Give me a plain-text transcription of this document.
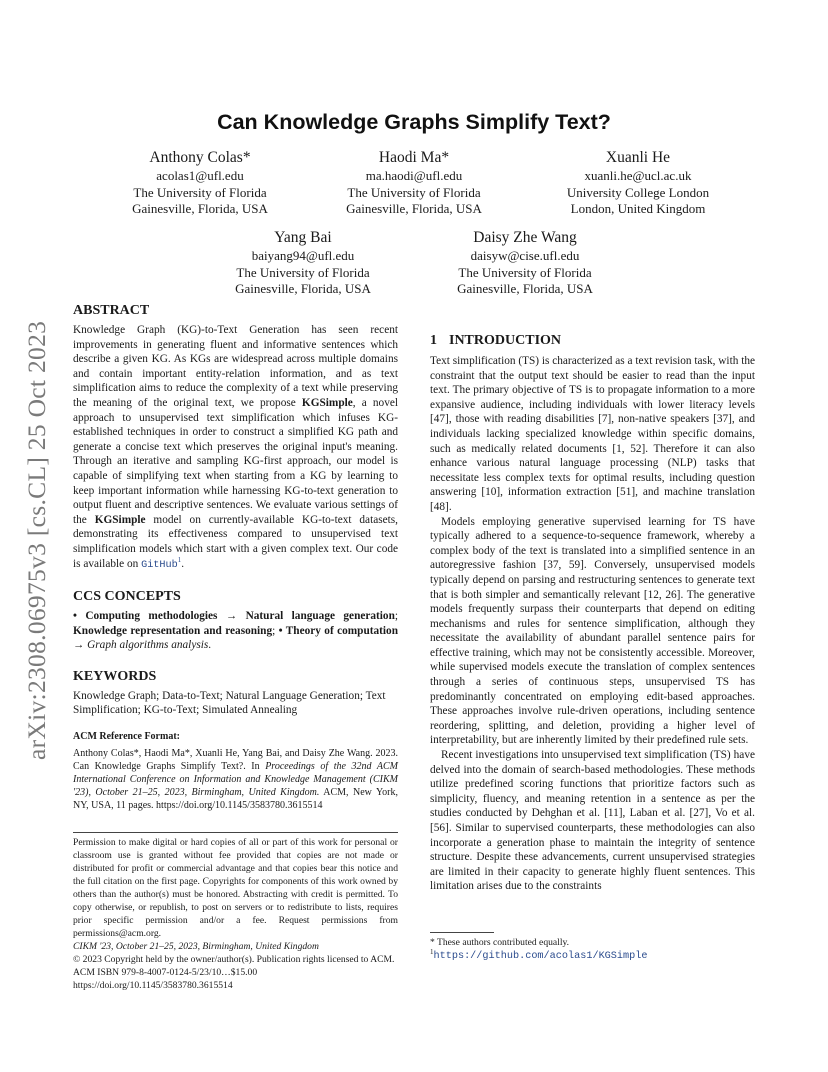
arXiv:2308.06975v3 [cs.CL] 25 Oct 2023
Can Knowledge Graphs Simplify Text?
Anthony Colas*
acolas1@ufl.edu
The University of Florida
Gainesville, Florida, USA
Haodi Ma*
ma.haodi@ufl.edu
The University of Florida
Gainesville, Florida, USA
Xuanli He
xuanli.he@ucl.ac.uk
University College London
London, United Kingdom
Yang Bai
baiyang94@ufl.edu
The University of Florida
Gainesville, Florida, USA
Daisy Zhe Wang
daisyw@cise.ufl.edu
The University of Florida
Gainesville, Florida, USA
ABSTRACT

Knowledge Graph (KG)-to-Text Generation has seen recent improvements in generating fluent and informative sentences which describe a given KG. As KGs are widespread across multiple domains and contain important entity-relation information, and as text simplification aims to reduce the complexity of a text while preserving the meaning of the original text, we propose KGSimple, a novel approach to unsupervised text simplification which infuses KG-established techniques in order to construct a simplified KG path and generate a concise text which preserves the original input's meaning. Through an iterative and sampling KG-first approach, our model is capable of simplifying text when starting from a KG by learning to keep important information while harnessing KG-to-text generation to output fluent and descriptive sentences. We evaluate various settings of the KGSimple model on currently-available KG-to-text datasets, demonstrating its effectiveness compared to unsupervised text simplification models which start with a given complex text. Our code is available on GitHub$^1$.

CCS CONCEPTS

• Computing methodologies → Natural language generation; Knowledge representation and reasoning; • Theory of computation → Graph algorithms analysis.

KEYWORDS

Knowledge Graph; Data-to-Text; Natural Language Generation; Text Simplification; KG-to-Text; Simulated Annealing

ACM Reference Format:

Anthony Colas*, Haodi Ma*, Xuanli He, Yang Bai, and Daisy Zhe Wang. 2023. Can Knowledge Graphs Simplify Text?. In Proceedings of the 32nd ACM International Conference on Information and Knowledge Management (CIKM '23), October 21–25, 2023, Birmingham, United Kingdom. ACM, New York, NY, USA, 11 pages. https://doi.org/10.1145/3583780.3615514

Permission to make digital or hard copies of all or part of this work for personal or classroom use is granted without fee provided that copies are not made or distributed for profit or commercial advantage and that copies bear this notice and the full citation on the first page. Copyrights for components of this work owned by others than the author(s) must be honored. Abstracting with credit is permitted. To copy otherwise, or republish, to post on servers or to redistribute to lists, requires prior specific permission and/or a fee. Request permissions from permissions@acm.org.

CIKM '23, October 21–25, 2023, Birmingham, United Kingdom

© 2023 Copyright held by the owner/author(s). Publication rights licensed to ACM.

ACM ISBN 979-8-4007-0124-5/23/10…$15.00

https://doi.org/10.1145/3583780.3615514

1 INTRODUCTION

Text simplification (TS) is characterized as a text revision task, with the constraint that the output text should be easier to read than the input text. The primary objective of TS is to propagate information to a more expansive audience, including individuals with lower literacy levels [47], those with reading disabilities [7], non-native speakers [37], and individuals lacking specialized knowledge within specific domains, such as medically related documents [1, 52]. Therefore it can also enhance various natural language processing (NLP) tasks that necessitate less complex texts for optimal results, including question answering [10], information extraction [51], and machine translation [48].

Models employing generative supervised learning for TS have typically adhered to a sequence-to-sequence framework, whereby a complex body of the text is translated into a simplified sentence in an autoregressive fashion [37, 59]. Conversely, unsupervised models typically depend on parsing and restructuring sentences to generate text that is both simpler and semantically relevant [12, 26]. The generative models frequently surpass their counterparts that depend on editing mechanisms and rules for sentence simplification, although they necessitate the availability of abundant parallel sentence pairs for effective training, which may not be consistently accessible. Moreover, while supervised models execute the translation of complex sentences through a series of continuous steps, unsupervised TS has predominantly concentrated on employing edit-based approaches. These approaches involve rule-driven operations, including sentence reordering, splitting, and deletion, providing a higher level of interpretability, but are inherently limited by their predefined rule sets.

Recent investigations into unsupervised text simplification (TS) have delved into the domain of search-based methodologies. These methods utilize predefined scoring functions that prioritize factors such as simplicity, fluency, and meaning retention in a sentence as per the studies conducted by Dehghan et al. [11], Laban et al. [27], Vo et al. [56]. Similar to supervised counterparts, these methodologies can also incorporate a generation phase to maintain the integrity of sentence structure. Despite these advancements, current unsupervised strategies are limited in their capacity to generate highly fluent sentences. This limitation arises due to the constraints

* These authors contributed equally.

$^1$https://github.com/acolas1/KGSimple
